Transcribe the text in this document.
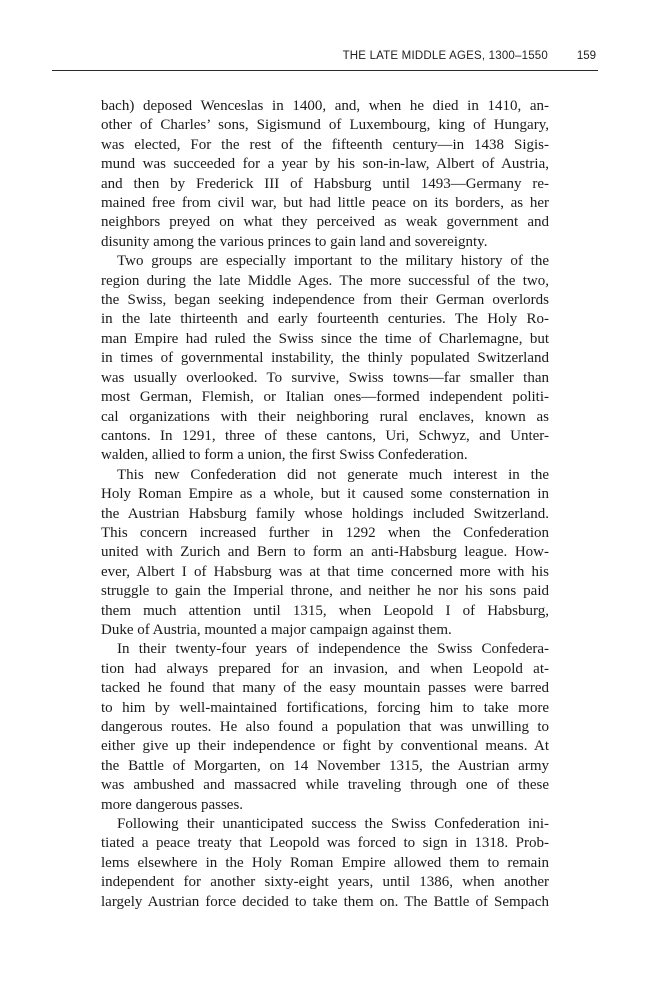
THE LATE MIDDLE AGES, 1300–1550	159
bach) deposed Wenceslas in 1400, and, when he died in 1410, an-
other of Charles’ sons, Sigismund of Luxembourg, king of Hungary,
was elected, For the rest of the fifteenth century—in 1438 Sigis-
mund was succeeded for a year by his son-in-law, Albert of Austria,
and then by Frederick III of Habsburg until 1493—Germany re-
mained free from civil war, but had little peace on its borders, as her
neighbors preyed on what they perceived as weak government and
disunity among the various princes to gain land and sovereignty.
Two groups are especially important to the military history of the
region during the late Middle Ages. The more successful of the two,
the Swiss, began seeking independence from their German overlords
in the late thirteenth and early fourteenth centuries. The Holy Ro-
man Empire had ruled the Swiss since the time of Charlemagne, but
in times of governmental instability, the thinly populated Switzerland
was usually overlooked. To survive, Swiss towns—far smaller than
most German, Flemish, or Italian ones—formed independent politi-
cal organizations with their neighboring rural enclaves, known as
cantons. In 1291, three of these cantons, Uri, Schwyz, and Unter-
walden, allied to form a union, the first Swiss Confederation.
This new Confederation did not generate much interest in the
Holy Roman Empire as a whole, but it caused some consternation in
the Austrian Habsburg family whose holdings included Switzerland.
This concern increased further in 1292 when the Confederation
united with Zurich and Bern to form an anti-Habsburg league. How-
ever, Albert I of Habsburg was at that time concerned more with his
struggle to gain the Imperial throne, and neither he nor his sons paid
them much attention until 1315, when Leopold I of Habsburg,
Duke of Austria, mounted a major campaign against them.
In their twenty-four years of independence the Swiss Confedera-
tion had always prepared for an invasion, and when Leopold at-
tacked he found that many of the easy mountain passes were barred
to him by well-maintained fortifications, forcing him to take more
dangerous routes. He also found a population that was unwilling to
either give up their independence or fight by conventional means. At
the Battle of Morgarten, on 14 November 1315, the Austrian army
was ambushed and massacred while traveling through one of these
more dangerous passes.
Following their unanticipated success the Swiss Confederation ini-
tiated a peace treaty that Leopold was forced to sign in 1318. Prob-
lems elsewhere in the Holy Roman Empire allowed them to remain
independent for another sixty-eight years, until 1386, when another
largely Austrian force decided to take them on. The Battle of Sempach
